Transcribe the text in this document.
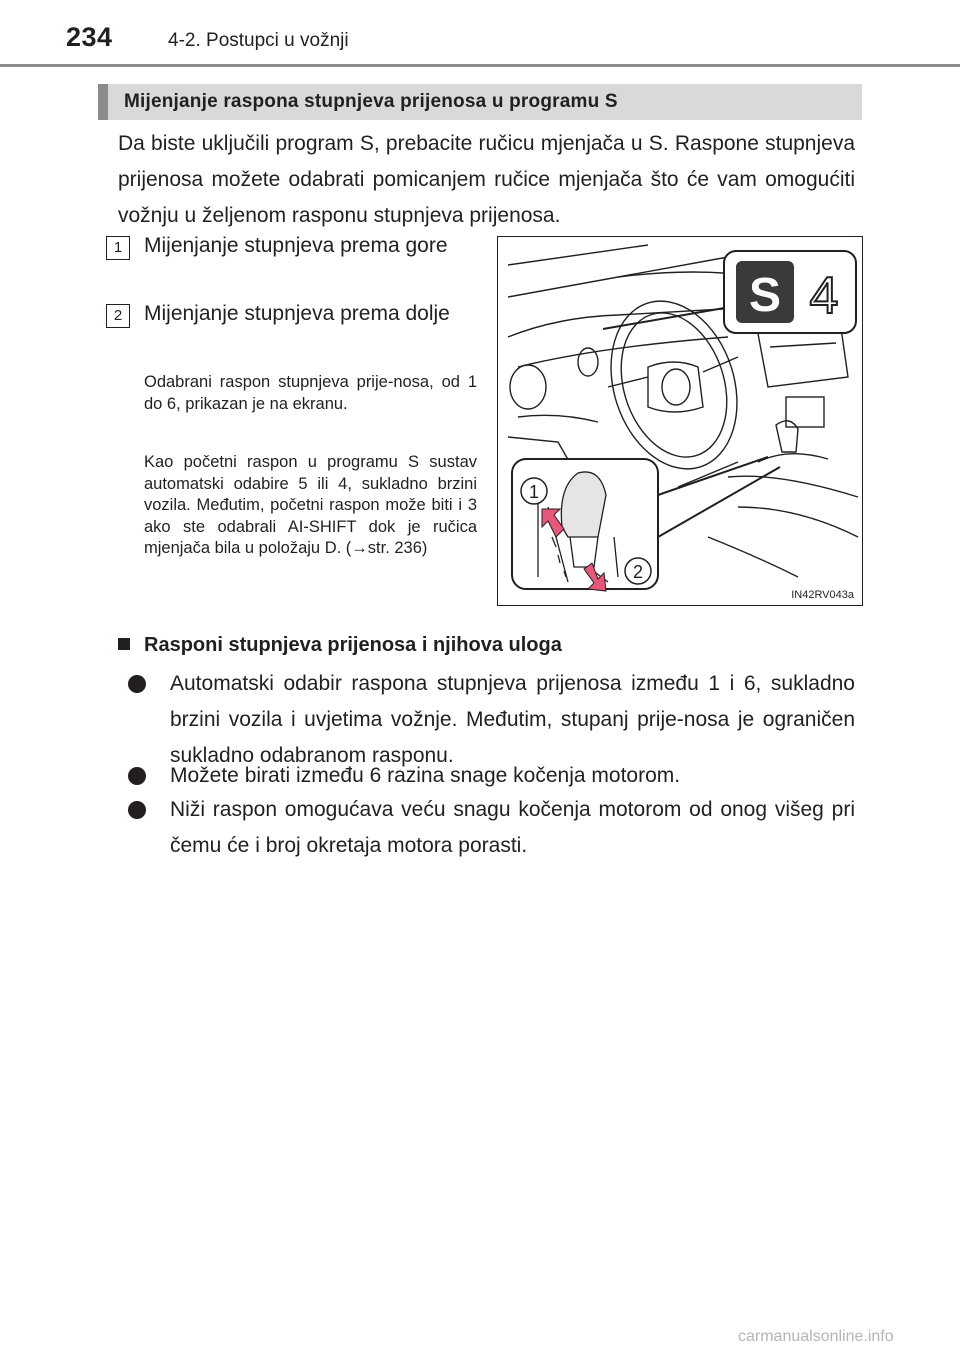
234	4-2. Postupci u vožnji
Mijenjanje raspona stupnjeva prijenosa u programu S

Da biste uključili program S, prebacite ručicu mjenjača u S. Raspone stupnjeva prijenosa možete odabrati pomicanjem ručice mjenjača što će vam omogućiti vožnju u željenom rasponu stupnjeva prijenosa.

1	Mijenjanje stupnjeva prema gore
2	Mijenjanje stupnjeva prema dolje
Odabrani raspon stupnjeva prije-nosa, od 1 do 6, prikazan je na ekranu.
Kao početni raspon u programu S sustav automatski odabire 5 ili 4, sukladno brzini vozila. Međutim, početni raspon može biti i 3 ako ste odabrali AI-SHIFT dok je ručica mjenjača bila u položaju D. (→str. 236)
S 4
1
2
IN42RV043a
Rasponi stupnjeva prijenosa i njihova uloga
Automatski odabir raspona stupnjeva prijenosa između 1 i 6, sukladno brzini vozila i uvjetima vožnje. Međutim, stupanj prije-nosa je ograničen sukladno odabranom rasponu.
Možete birati između 6 razina snage kočenja motorom.
Niži raspon omogućava veću snagu kočenja motorom od onog višeg pri čemu će i broj okretaja motora porasti.
carmanualsonline.info
